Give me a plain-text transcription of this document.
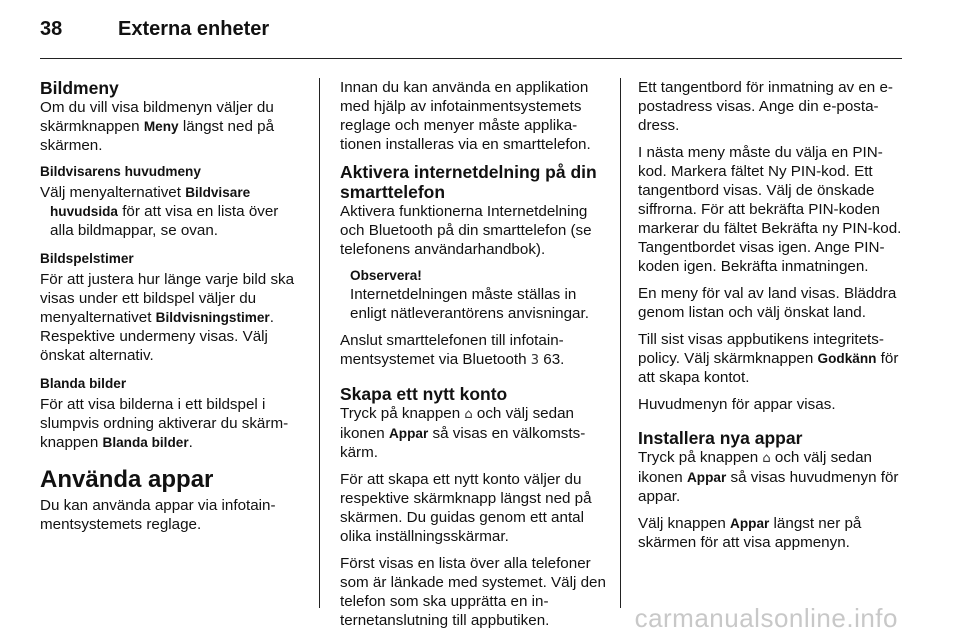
38	Externa enheter
Bildmeny

Om du vill visa bildmenyn väljer du skärmknappen Meny längst ned på skärmen.

Bildvisarens huvudmeny

Välj menyalternativet Bildvisare huvudsida för att visa en lista över alla bildmappar, se ovan.

Bildspelstimer

För att justera hur länge varje bild ska visas under ett bildspel väljer du menyalternativet Bildvisningstimer. Respektive undermeny visas. Välj önskat alternativ.

Blanda bilder

För att visa bilderna i ett bildspel i slumpvis ordning aktiverar du skärmknappen Blanda bilder.

Använda appar

Du kan använda appar via infotainmentsystemets reglage.

Innan du kan använda en applikation med hjälp av infotainmentsystemets reglage och menyer måste applikationen installeras via en smarttelefon.

Aktivera internetdelning på din smarttelefon

Aktivera funktionerna Internetdelning och Bluetooth på din smarttelefon (se telefonens användarhandbok).

Observera!
Internetdelningen måste ställas in enligt nätleverantörens anvisningar.

Anslut smarttelefonen till infotainmentsystemet via Bluetooth 3 63.

Skapa ett nytt konto

Tryck på knappen ⌂ och välj sedan ikonen Appar så visas en välkomstskärm.

För att skapa ett nytt konto väljer du respektive skärmknapp längst ned på skärmen. Du guidas genom ett antal olika inställningsskärmar.

Först visas en lista över alla telefoner som är länkade med systemet. Välj den telefon som ska upprätta en internetanslutning till appbutiken.

Ett tangentbord för inmatning av en e-postadress visas. Ange din e-postadress.

I nästa meny måste du välja en PIN-kod. Markera fältet Ny PIN-kod. Ett tangentbord visas. Välj de önskade siffrorna. För att bekräfta PIN-koden markerar du fältet Bekräfta ny PIN-kod. Tangentbordet visas igen. Ange PIN-koden igen. Bekräfta inmatningen.

En meny för val av land visas. Bläddra genom listan och välj önskat land.

Till sist visas appbutikens integritetspolicy. Välj skärmknappen Godkänn för att skapa kontot.

Huvudmenyn för appar visas.

Installera nya appar

Tryck på knappen ⌂ och välj sedan ikonen Appar så visas huvudmenyn för appar.

Välj knappen Appar längst ner på skärmen för att visa appmenyn.

carmanualsonline.info
